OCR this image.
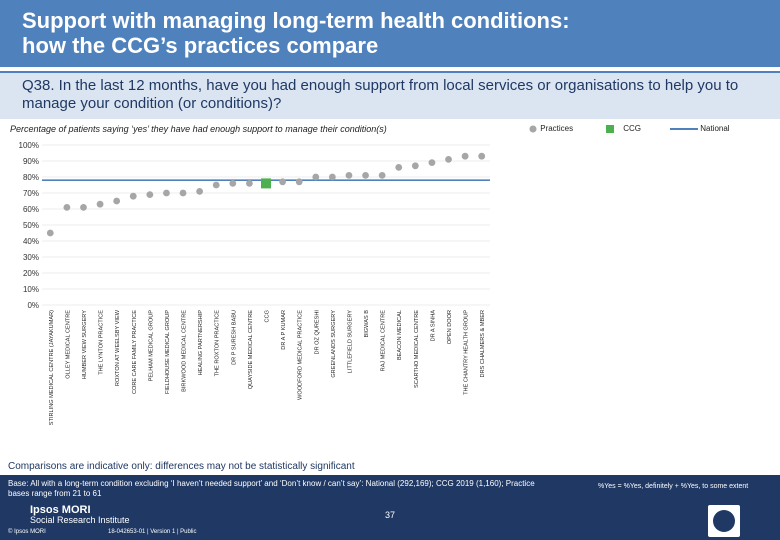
Support with managing long-term health conditions:
how the CCG’s practices compare
Q38. In the last 12 months, have you had enough support from local services or organisations to help you to manage your condition (or conditions)?
Percentage of patients saying ‘yes’ they have had enough support to manage their condition(s)	Practices	CCG	National
0%
10%
20%
30%
40%
50%
60%
70%
80%
90%
100%
STIRLING MEDICAL CENTRE (JAYAKUMAR) OLLEY MEDICAL CENTRE HUMBER VIEW SURGERY THE LYNTON PRACTICE ROXTON AT WEELSBY VIEW CORE CARE FAMILY PRACTICE PELHAM MEDICAL GROUP FIELDHOUSE MEDICAL GROUP BIRKWOOD MEDICAL CENTRE HEALING PARTNERSHIP THE ROXTON PRACTICE DR P SURESH BABU QUAYSIDE MEDICAL CENTRE CCG DR A P KUMAR WOODFORD MEDICAL PRACTICE DR OZ QURESHI GREENLANDS SURGERY LITTLEFIELD SURGERY BIGWAS B RAJ MEDICAL CENTRE BEACON MEDICAL SCARTHO MEDICAL CENTRE DR A SINHA OPEN DOOR THE CHANTRY HEALTH GROUP DRS CHALMERS & MBER
Comparisons are indicative only: differences may not be statistically significant
Base: All with a long-term condition excluding ‘I haven’t needed support’ and ‘Don’t know / can’t say’: National (292,169); CCG 2019 (1,160); Practice bases range from 21 to 61
%Yes = %Yes, definitely + %Yes, to some extent
Ipsos MORI
Social Research Institute	37
© Ipsos MORI	18-042653-01 | Version 1 | Public
